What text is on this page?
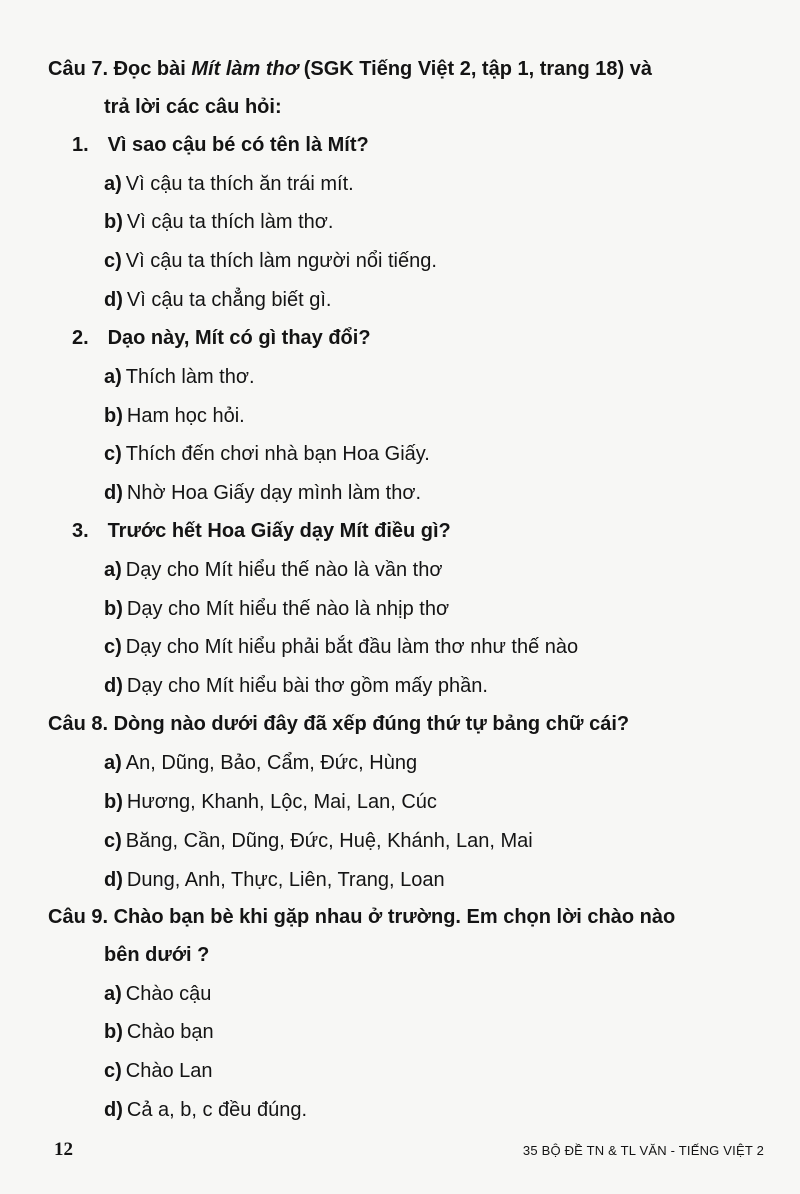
Câu 7. Đọc bài Mít làm thơ (SGK Tiếng Việt 2, tập 1, trang 18) và
trả lời các câu hỏi:
1. Vì sao cậu bé có tên là Mít?
a) Vì cậu ta thích ăn trái mít.
b) Vì cậu ta thích làm thơ.
c) Vì cậu ta thích làm người nổi tiếng.
d) Vì cậu ta chẳng biết gì.
2. Dạo này, Mít có gì thay đổi?
a) Thích làm thơ.
b) Ham học hỏi.
c) Thích đến chơi nhà bạn Hoa Giấy.
d) Nhờ Hoa Giấy dạy mình làm thơ.
3. Trước hết Hoa Giấy dạy Mít điều gì?
a) Dạy cho Mít hiểu thế nào là vần thơ
b) Dạy cho Mít hiểu thế nào là nhịp thơ
c) Dạy cho Mít hiểu phải bắt đầu làm thơ như thế nào
d) Dạy cho Mít hiểu bài thơ gồm mấy phần.
Câu 8. Dòng nào dưới đây đã xếp đúng thứ tự bảng chữ cái?
a) An, Dũng, Bảo, Cẩm, Đức, Hùng
b) Hương, Khanh, Lộc, Mai, Lan, Cúc
c) Băng, Cần, Dũng, Đức, Huệ, Khánh, Lan, Mai
d) Dung, Anh, Thực, Liên, Trang, Loan
Câu 9. Chào bạn bè khi gặp nhau ở trường. Em chọn lời chào nào
bên dưới ?
a) Chào cậu
b) Chào bạn
c) Chào Lan
d) Cả a, b, c đều đúng.
12	35 BỘ ĐỀ TN & TL VĂN - TIẾNG VIỆT 2
